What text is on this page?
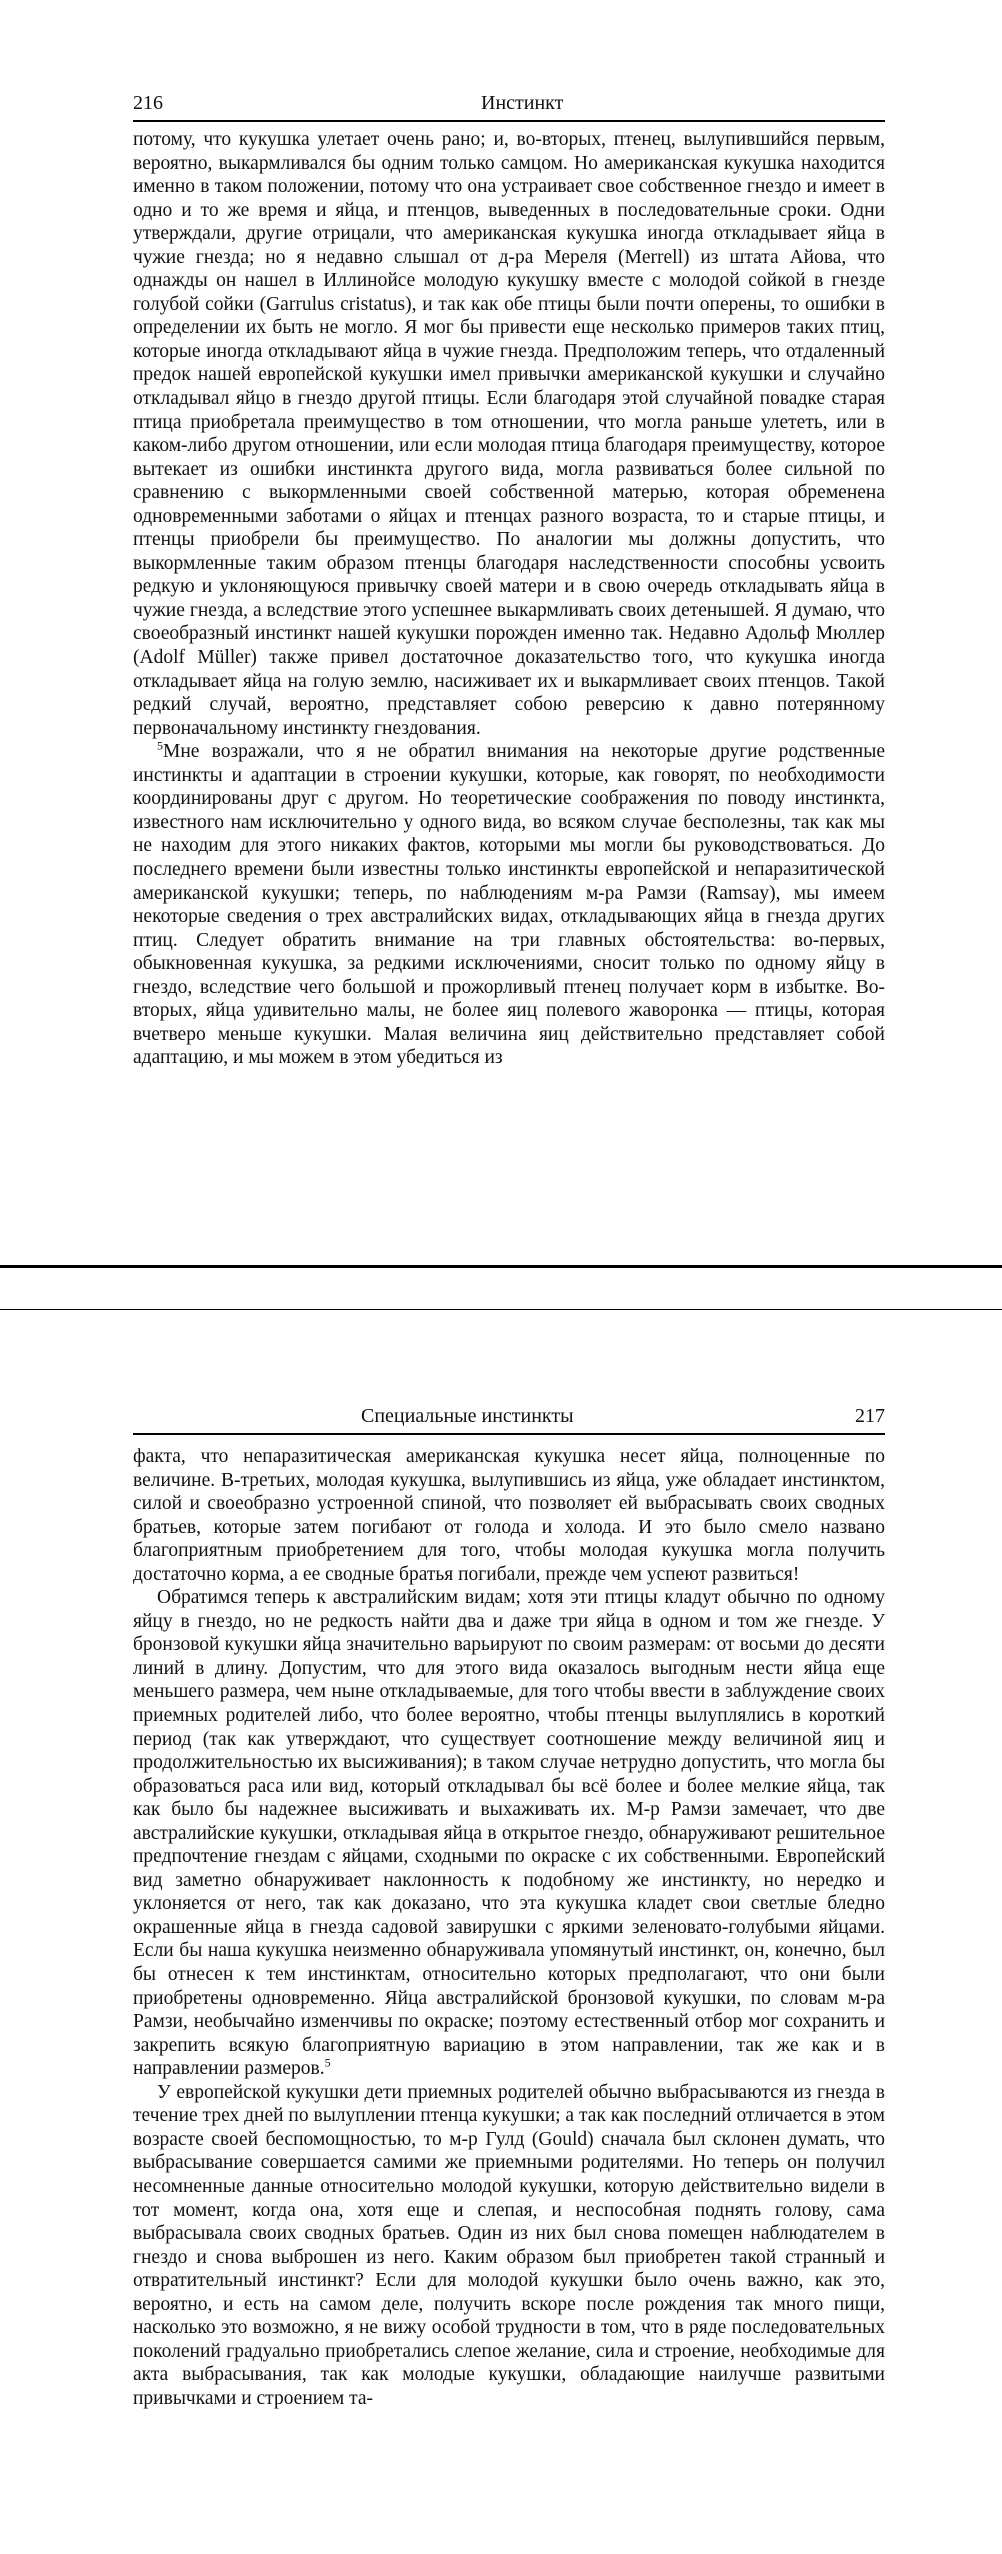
216	Инстинкт

потому, что кукушка улетает очень рано; и, во-вторых, птенец, вылупившийся первым, вероятно, выкармливался бы одним только самцом. Но американская кукушка находится именно в таком положении, потому что она устраивает свое собственное гнездо и имеет в одно и то же время и яйца, и птенцов, выведенных в последовательные сроки. Одни утверждали, другие отрицали, что американская кукушка иногда откладывает яйца в чужие гнезда; но я недавно слышал от д-ра Мереля (Merrell) из штата Айова, что однажды он нашел в Иллинойсе молодую кукушку вместе с молодой сойкой в гнезде голубой сойки (Garrulus cristatus), и так как обе птицы были почти оперены, то ошибки в определении их быть не могло. Я мог бы привести еще несколько примеров таких птиц, которые иногда откладывают яйца в чужие гнезда. Предположим теперь, что отдаленный предок нашей европейской кукушки имел привычки американской кукушки и случайно откладывал яйцо в гнездо другой птицы. Если благодаря этой случайной повадке старая птица приобретала преимущество в том отношении, что могла раньше улететь, или в каком-либо другом отношении, или если молодая птица благодаря преимуществу, которое вытекает из ошибки инстинкта другого вида, могла развиваться более сильной по сравнению с выкормленными своей собственной матерью, которая обременена одновременными заботами о яйцах и птенцах разного возраста, то и старые птицы, и птенцы приобрели бы преимущество. По аналогии мы должны допустить, что выкормленные таким образом птенцы благодаря наследственности способны усвоить редкую и уклоняющуюся привычку своей матери и в свою очередь откладывать яйца в чужие гнезда, а вследствие этого успешнее выкармливать своих детенышей. Я думаю, что своеобразный инстинкт нашей кукушки порожден именно так. Недавно Адольф Мюллер (Adolf Müller) также привел достаточное доказательство того, что кукушка иногда откладывает яйца на голую землю, насиживает их и выкармливает своих птенцов. Такой редкий случай, вероятно, представляет собою реверсию к давно потерянному первоначальному инстинкту гнездования.

$^5$Мне возражали, что я не обратил внимания на некоторые другие родственные инстинкты и адаптации в строении кукушки, которые, как говорят, по необходимости координированы друг с другом. Но теоретические соображения по поводу инстинкта, известного нам исключительно у одного вида, во всяком случае бесполезны, так как мы не находим для этого никаких фактов, которыми мы могли бы руководствоваться. До последнего времени были известны только инстинкты европейской и непаразитической американской кукушки; теперь, по наблюдениям м-ра Рамзи (Ramsay), мы имеем некоторые сведения о трех австралийских видах, откладывающих яйца в гнезда других птиц. Следует обратить внимание на три главных обстоятельства: во-первых, обыкновенная кукушка, за редкими исключениями, сносит только по одному яйцу в гнездо, вследствие чего большой и прожорливый птенец получает корм в избытке. Во-вторых, яйца удивительно малы, не более яиц полевого жаворонка — птицы, которая вчетверо меньше кукушки. Малая величина яиц действительно представляет собой адаптацию, и мы можем в этом убедиться из

Специальные инстинкты	217

факта, что непаразитическая американская кукушка несет яйца, полноценные по величине. В-третьих, молодая кукушка, вылупившись из яйца, уже обладает инстинктом, силой и своеобразно устроенной спиной, что позволяет ей выбрасывать своих сводных братьев, которые затем погибают от голода и холода. И это было смело названо благоприятным приобретением для того, чтобы молодая кукушка могла получить достаточно корма, а ее сводные братья погибали, прежде чем успеют развиться!

Обратимся теперь к австралийским видам; хотя эти птицы кладут обычно по одному яйцу в гнездо, но не редкость найти два и даже три яйца в одном и том же гнезде. У бронзовой кукушки яйца значительно варьируют по своим размерам: от восьми до десяти линий в длину. Допустим, что для этого вида оказалось выгодным нести яйца еще меньшего размера, чем ныне откладываемые, для того чтобы ввести в заблуждение своих приемных родителей либо, что более вероятно, чтобы птенцы вылуплялись в короткий период (так как утверждают, что существует соотношение между величиной яиц и продолжительностью их высиживания); в таком случае нетрудно допустить, что могла бы образоваться раса или вид, который откладывал бы всё более и более мелкие яйца, так как было бы надежнее высиживать и выхаживать их. М-р Рамзи замечает, что две австралийские кукушки, откладывая яйца в открытое гнездо, обнаруживают решительное предпочтение гнездам с яйцами, сходными по окраске с их собственными. Европейский вид заметно обнаруживает наклонность к подобному же инстинкту, но нередко и уклоняется от него, так как доказано, что эта кукушка кладет свои светлые бледно окрашенные яйца в гнезда садовой завирушки с яркими зеленовато-голубыми яйцами. Если бы наша кукушка неизменно обнаруживала упомянутый инстинкт, он, конечно, был бы отнесен к тем инстинктам, относительно которых предполагают, что они были приобретены одновременно. Яйца австралийской бронзовой кукушки, по словам м-ра Рамзи, необычайно изменчивы по окраске; поэтому естественный отбор мог сохранить и закрепить всякую благоприятную вариацию в этом направлении, так же как и в направлении размеров.$^5$

У европейской кукушки дети приемных родителей обычно выбрасываются из гнезда в течение трех дней по вылуплении птенца кукушки; а так как последний отличается в этом возрасте своей беспомощностью, то м-р Гулд (Gould) сначала был склонен думать, что выбрасывание совершается самими же приемными родителями. Но теперь он получил несомненные данные относительно молодой кукушки, которую действительно видели в тот момент, когда она, хотя еще и слепая, и неспособная поднять голову, сама выбрасывала своих сводных братьев. Один из них был снова помещен наблюдателем в гнездо и снова выброшен из него. Каким образом был приобретен такой странный и отвратительный инстинкт? Если для молодой кукушки было очень важно, как это, вероятно, и есть на самом деле, получить вскоре после рождения так много пищи, насколько это возможно, я не вижу особой трудности в том, что в ряде последовательных поколений градуально приобретались слепое желание, сила и строение, необходимые для акта выбрасывания, так как молодые кукушки, обладающие наилучше развитыми привычками и строением та-
